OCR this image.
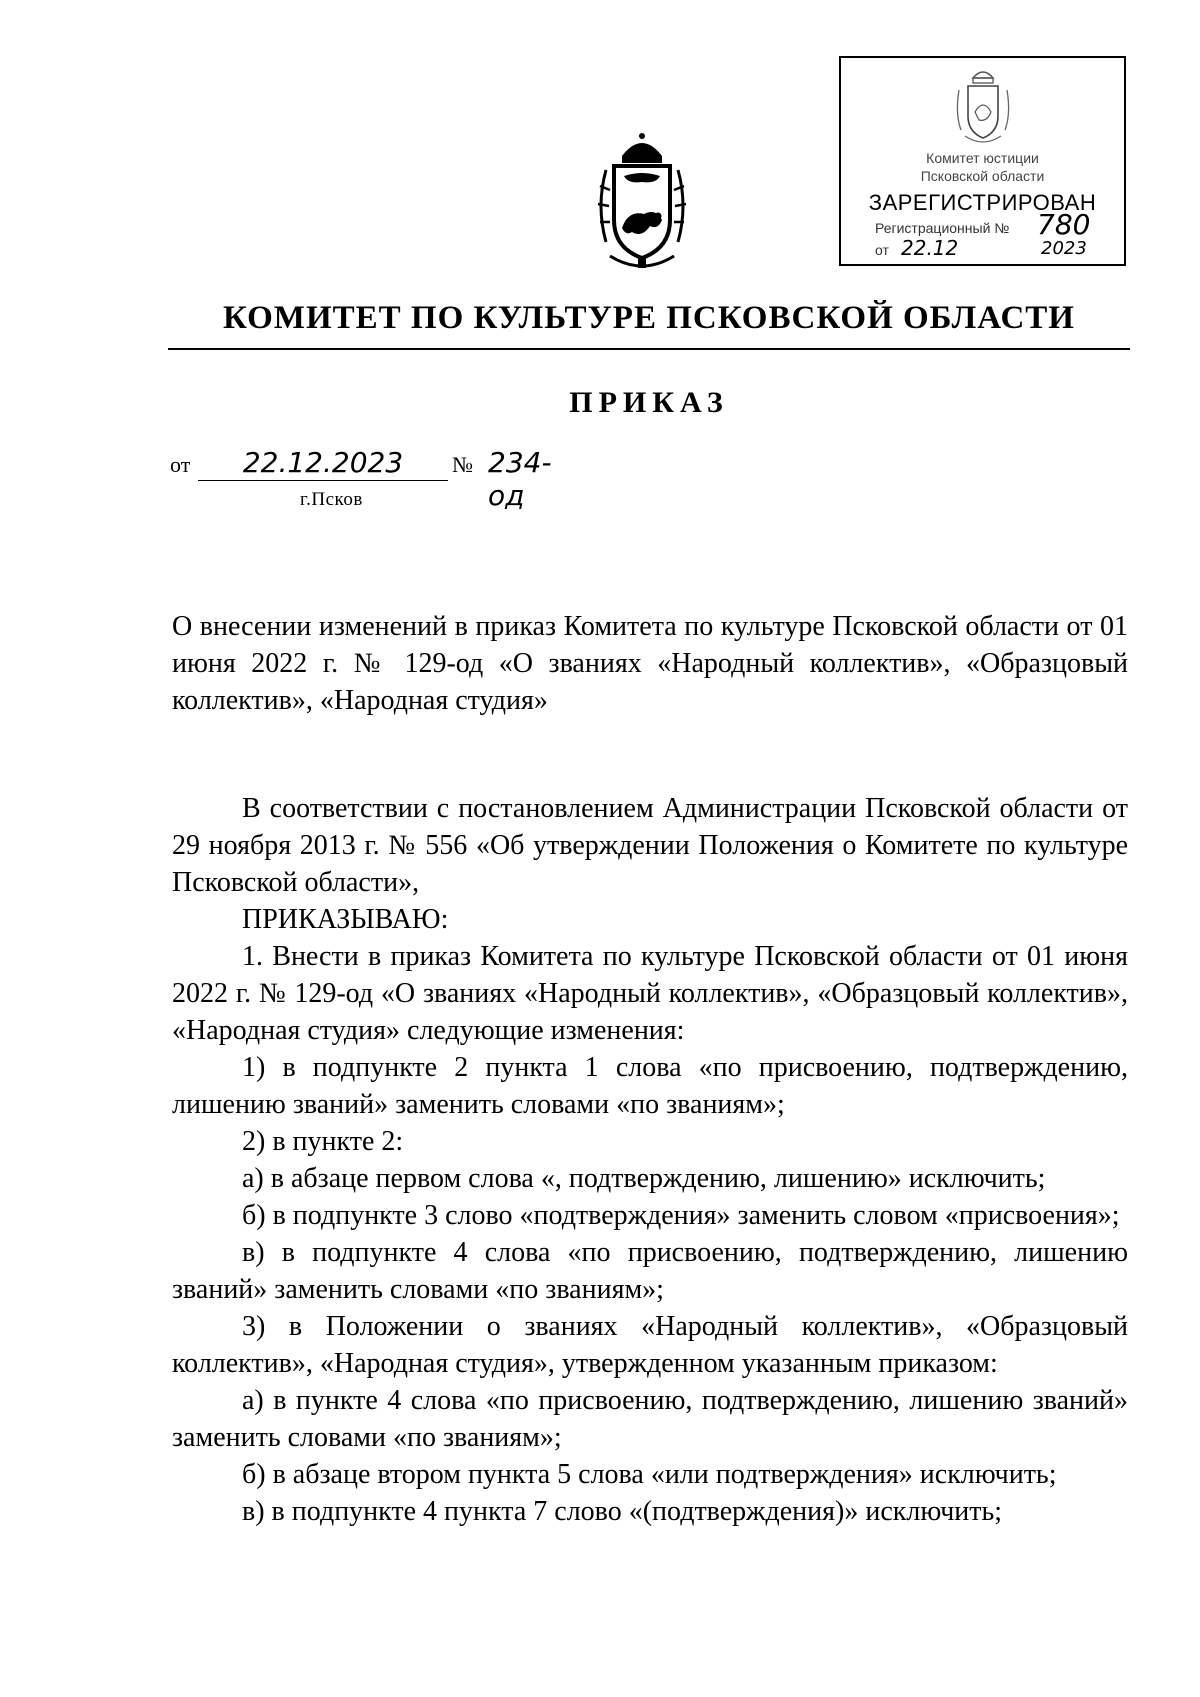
Комитет юстиции
Псковской области
ЗАРЕГИСТРИРОВАН
Регистрационный № 780
от 22.12	2023
КОМИТЕТ ПО КУЛЬТУРЕ ПСКОВСКОЙ ОБЛАСТИ
ПРИКАЗ
от	22.12.2023	№ 234-од
г.Псков
О внесении изменений в приказ Комитета по культуре Псковской области от 01 июня 2022 г. № 129-од «О званиях «Народный коллектив», «Образцовый коллектив», «Народная студия»

В соответствии с постановлением Администрации Псковской области от 29 ноября 2013 г. № 556 «Об утверждении Положения о Комитете по культуре Псковской области»,

ПРИКАЗЫВАЮ:

1. Внести в приказ Комитета по культуре Псковской области от 01 июня 2022 г. № 129-од «О званиях «Народный коллектив», «Образцовый коллектив», «Народная студия» следующие изменения:

1) в подпункте 2 пункта 1 слова «по присвоению, подтверждению, лишению званий» заменить словами «по званиям»;

2) в пункте 2:

а) в абзаце первом слова «, подтверждению, лишению» исключить;

б) в подпункте 3 слово «подтверждения» заменить словом «присвоения»;

в) в подпункте 4 слова «по присвоению, подтверждению, лишению званий» заменить словами «по званиям»;

3) в Положении о званиях «Народный коллектив», «Образцовый коллектив», «Народная студия», утвержденном указанным приказом:

а) в пункте 4 слова «по присвоению, подтверждению, лишению званий» заменить словами «по званиям»;

б) в абзаце втором пункта 5 слова «или подтверждения» исключить;

в) в подпункте 4 пункта 7 слово «(подтверждения)» исключить;
